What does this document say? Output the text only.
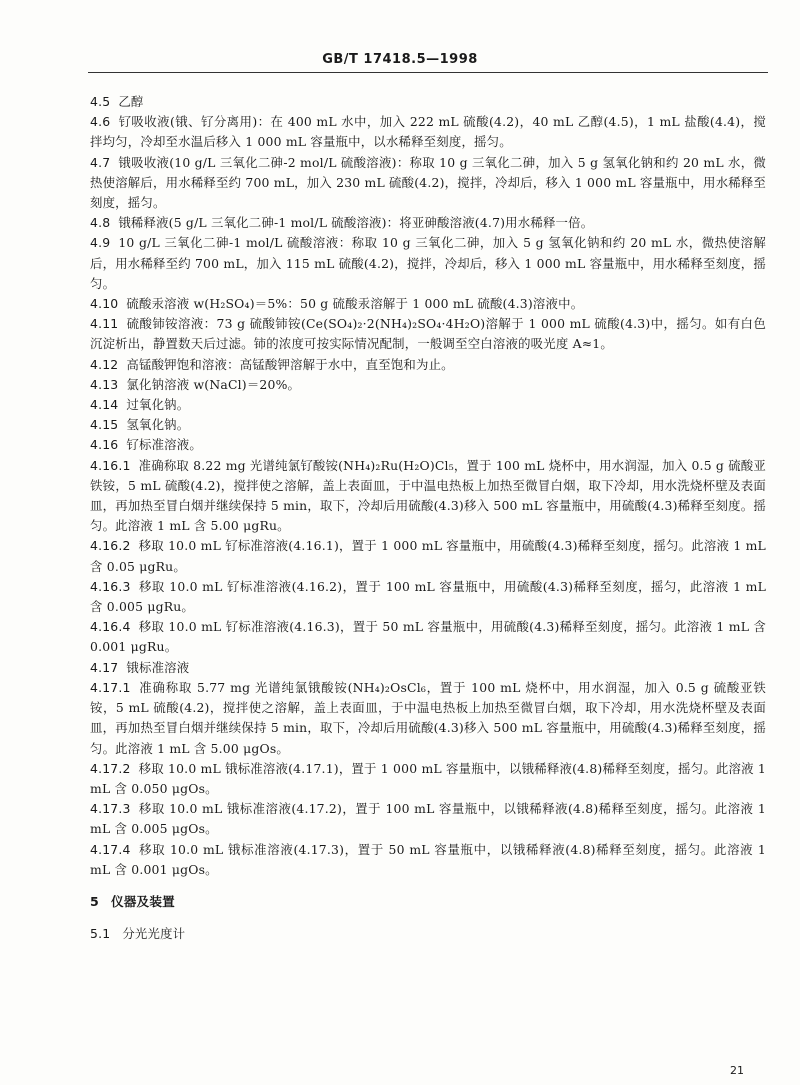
GB/T 17418.5—1998

4.5 乙醇

4.6 钌吸收液(锇、钌分离用)：在 400 mL 水中，加入 222 mL 硫酸(4.2)，40 mL 乙醇(4.5)，1 mL 盐酸(4.4)，搅拌均匀，冷却至水温后移入 1 000 mL 容量瓶中，以水稀释至刻度，摇匀。

4.7 锇吸收液(10 g/L 三氧化二砷-2 mol/L 硫酸溶液)：称取 10 g 三氧化二砷，加入 5 g 氢氧化钠和约 20 mL 水，微热使溶解后，用水稀释至约 700 mL，加入 230 mL 硫酸(4.2)，搅拌，冷却后，移入 1 000 mL 容量瓶中，用水稀释至刻度，摇匀。

4.8 锇稀释液(5 g/L 三氧化二砷-1 mol/L 硫酸溶液)：将亚砷酸溶液(4.7)用水稀释一倍。

4.9 10 g/L 三氧化二砷-1 mol/L 硫酸溶液：称取 10 g 三氧化二砷，加入 5 g 氢氧化钠和约 20 mL 水，微热使溶解后，用水稀释至约 700 mL，加入 115 mL 硫酸(4.2)，搅拌，冷却后，移入 1 000 mL 容量瓶中，用水稀释至刻度，摇匀。

4.10 硫酸汞溶液 w(H₂SO₄)＝5%：50 g 硫酸汞溶解于 1 000 mL 硫酸(4.3)溶液中。

4.11 硫酸铈铵溶液：73 g 硫酸铈铵(Ce(SO₄)₂·2(NH₄)₂SO₄·4H₂O)溶解于 1 000 mL 硫酸(4.3)中，摇匀。如有白色沉淀析出，静置数天后过滤。铈的浓度可按实际情况配制，一般调至空白溶液的吸光度 A≈1。

4.12 高锰酸钾饱和溶液：高锰酸钾溶解于水中，直至饱和为止。

4.13 氯化钠溶液 w(NaCl)＝20%。

4.14 过氧化钠。

4.15 氢氧化钠。

4.16 钌标准溶液。

4.16.1 准确称取 8.22 mg 光谱纯氯钌酸铵(NH₄)₂Ru(H₂O)Cl₅，置于 100 mL 烧杯中，用水润湿，加入 0.5 g 硫酸亚铁铵，5 mL 硫酸(4.2)，搅拌使之溶解，盖上表面皿，于中温电热板上加热至微冒白烟，取下冷却，用水洗烧杯壁及表面皿，再加热至冒白烟并继续保持 5 min，取下，冷却后用硫酸(4.3)移入 500 mL 容量瓶中，用硫酸(4.3)稀释至刻度。摇匀。此溶液 1 mL 含 5.00 μgRu。

4.16.2 移取 10.0 mL 钌标准溶液(4.16.1)，置于 1 000 mL 容量瓶中，用硫酸(4.3)稀释至刻度，摇匀。此溶液 1 mL 含 0.05 μgRu。

4.16.3 移取 10.0 mL 钌标准溶液(4.16.2)，置于 100 mL 容量瓶中，用硫酸(4.3)稀释至刻度，摇匀，此溶液 1 mL 含 0.005 μgRu。

4.16.4 移取 10.0 mL 钌标准溶液(4.16.3)，置于 50 mL 容量瓶中，用硫酸(4.3)稀释至刻度，摇匀。此溶液 1 mL 含 0.001 μgRu。

4.17 锇标准溶液

4.17.1 准确称取 5.77 mg 光谱纯氯锇酸铵(NH₄)₂OsCl₆，置于 100 mL 烧杯中，用水润湿，加入 0.5 g 硫酸亚铁铵，5 mL 硫酸(4.2)，搅拌使之溶解，盖上表面皿，于中温电热板上加热至微冒白烟，取下冷却，用水洗烧杯壁及表面皿，再加热至冒白烟并继续保持 5 min，取下，冷却后用硫酸(4.3)移入 500 mL 容量瓶中，用硫酸(4.3)稀释至刻度，摇匀。此溶液 1 mL 含 5.00 μgOs。

4.17.2 移取 10.0 mL 锇标准溶液(4.17.1)，置于 1 000 mL 容量瓶中，以锇稀释液(4.8)稀释至刻度，摇匀。此溶液 1 mL 含 0.050 μgOs。

4.17.3 移取 10.0 mL 锇标准溶液(4.17.2)，置于 100 mL 容量瓶中，以锇稀释液(4.8)稀释至刻度，摇匀。此溶液 1 mL 含 0.005 μgOs。

4.17.4 移取 10.0 mL 锇标准溶液(4.17.3)，置于 50 mL 容量瓶中，以锇稀释液(4.8)稀释至刻度，摇匀。此溶液 1 mL 含 0.001 μgOs。

5 仪器及装置
5.1 分光光度计
21
